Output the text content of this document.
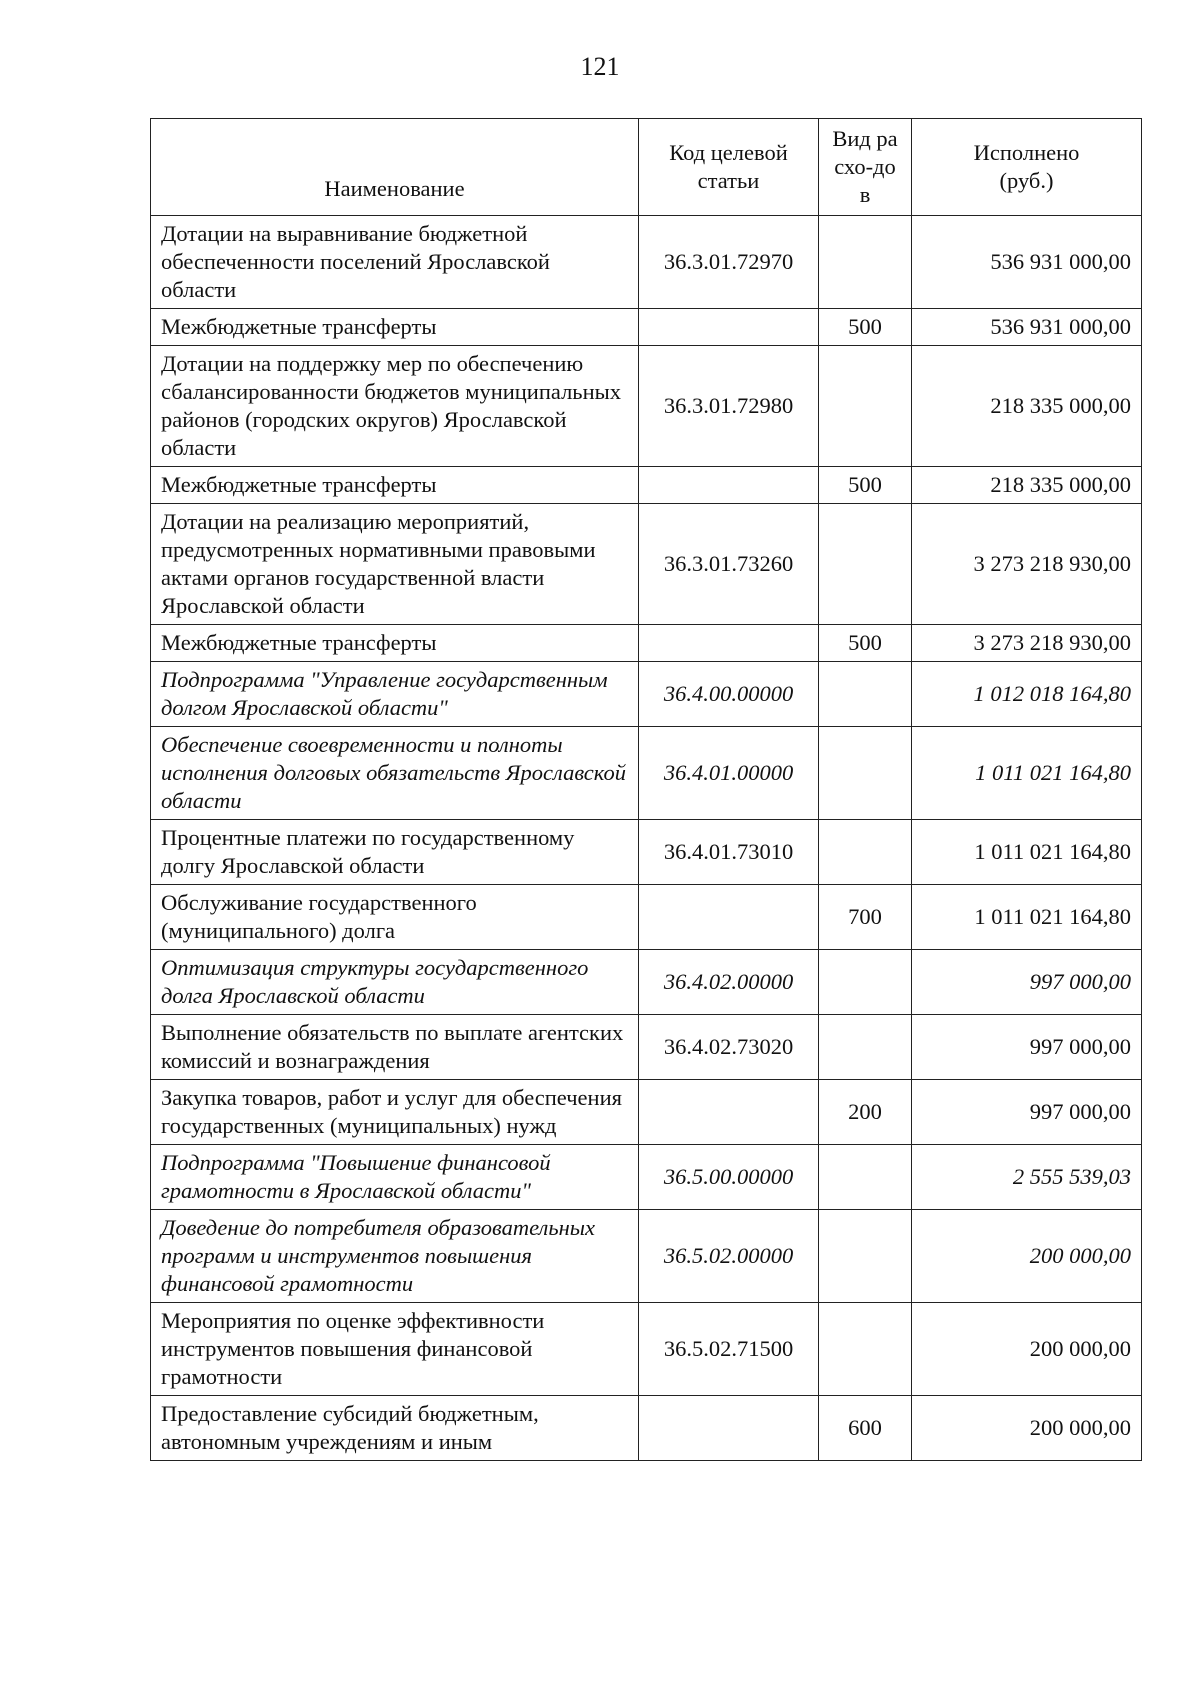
121
Наименование	Код целевой статьи	Вид расхо-дов	Исполнено (руб.)
Дотации на выравнивание бюджетной обеспеченности поселений Ярославской области	36.3.01.72970		536 931 000,00
Межбюджетные трансферты		500	536 931 000,00
Дотации на поддержку мер по обеспечению сбалансированности бюджетов муниципальных районов (городских округов) Ярославской области	36.3.01.72980		218 335 000,00
Межбюджетные трансферты		500	218 335 000,00
Дотации на реализацию мероприятий, предусмотренных нормативными правовыми актами органов государственной власти Ярославской области	36.3.01.73260		3 273 218 930,00
Межбюджетные трансферты		500	3 273 218 930,00
Подпрограмма "Управление государственным долгом Ярославской области"	36.4.00.00000		1 012 018 164,80
Обеспечение своевременности и полноты исполнения долговых обязательств Ярославской области	36.4.01.00000		1 011 021 164,80
Процентные платежи по государственному долгу Ярославской области	36.4.01.73010		1 011 021 164,80
Обслуживание государственного (муниципального) долга		700	1 011 021 164,80
Оптимизация структуры государственного долга Ярославской области	36.4.02.00000		997 000,00
Выполнение обязательств по выплате агентских комиссий и вознаграждения	36.4.02.73020		997 000,00
Закупка товаров, работ и услуг для обеспечения государственных (муниципальных) нужд		200	997 000,00
Подпрограмма "Повышение финансовой грамотности в Ярославской области"	36.5.00.00000		2 555 539,03
Доведение до потребителя образовательных программ и инструментов повышения финансовой грамотности	36.5.02.00000		200 000,00
Мероприятия по оценке эффективности инструментов повышения финансовой грамотности	36.5.02.71500		200 000,00
Предоставление субсидий бюджетным, автономным учреждениям и иным		600	200 000,00
